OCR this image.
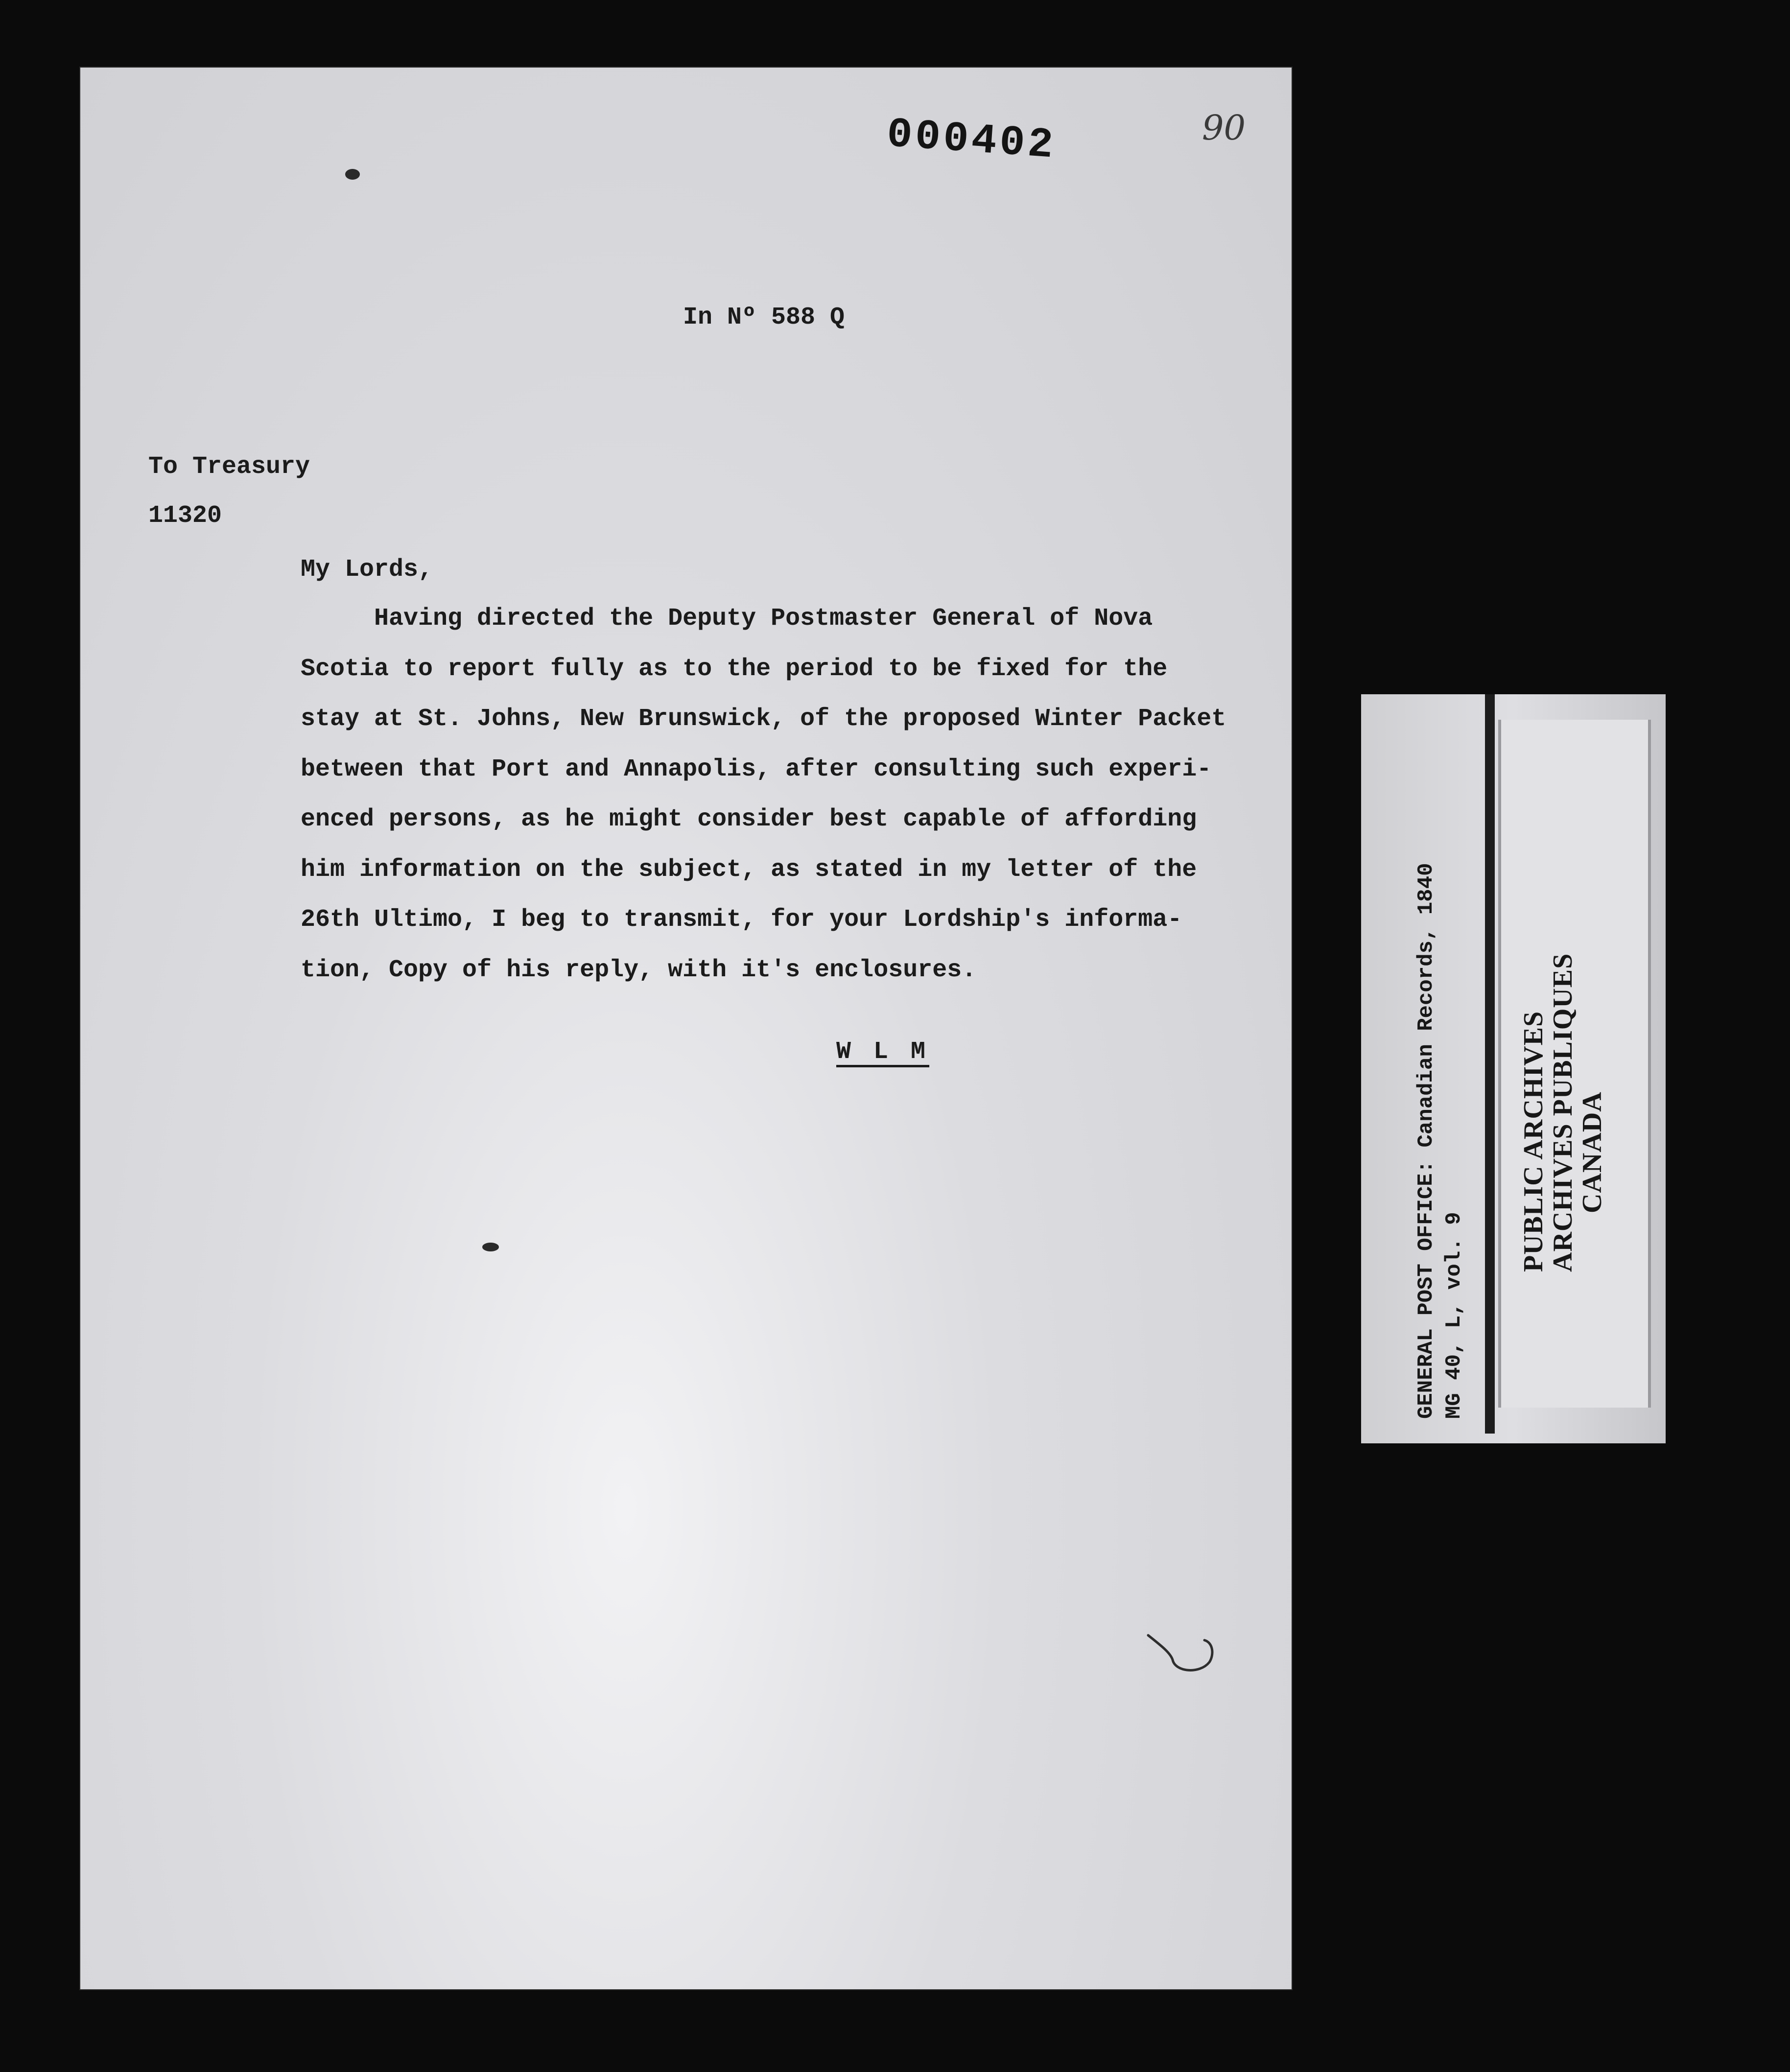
000402	90
In Nº 588 Q
To Treasury
11320
My Lords,
Having directed the Deputy Postmaster General of Nova
Scotia to report fully as to the period to be fixed for the
stay at St. Johns, New Brunswick, of the proposed Winter Packet
between that Port and Annapolis, after consulting such experi-
enced persons, as he might consider best capable of affording
him information on the subject, as stated in my letter of the
26th Ultimo, I beg to transmit, for your Lordship's informa-
tion, Copy of his reply, with it's enclosures.
W L M	GENERAL POST OFFICE: Canadian Records, 1840 MG 40, L, vol. 9
PUBLIC ARCHIVES
ARCHIVES PUBLIQUES
CANADA
